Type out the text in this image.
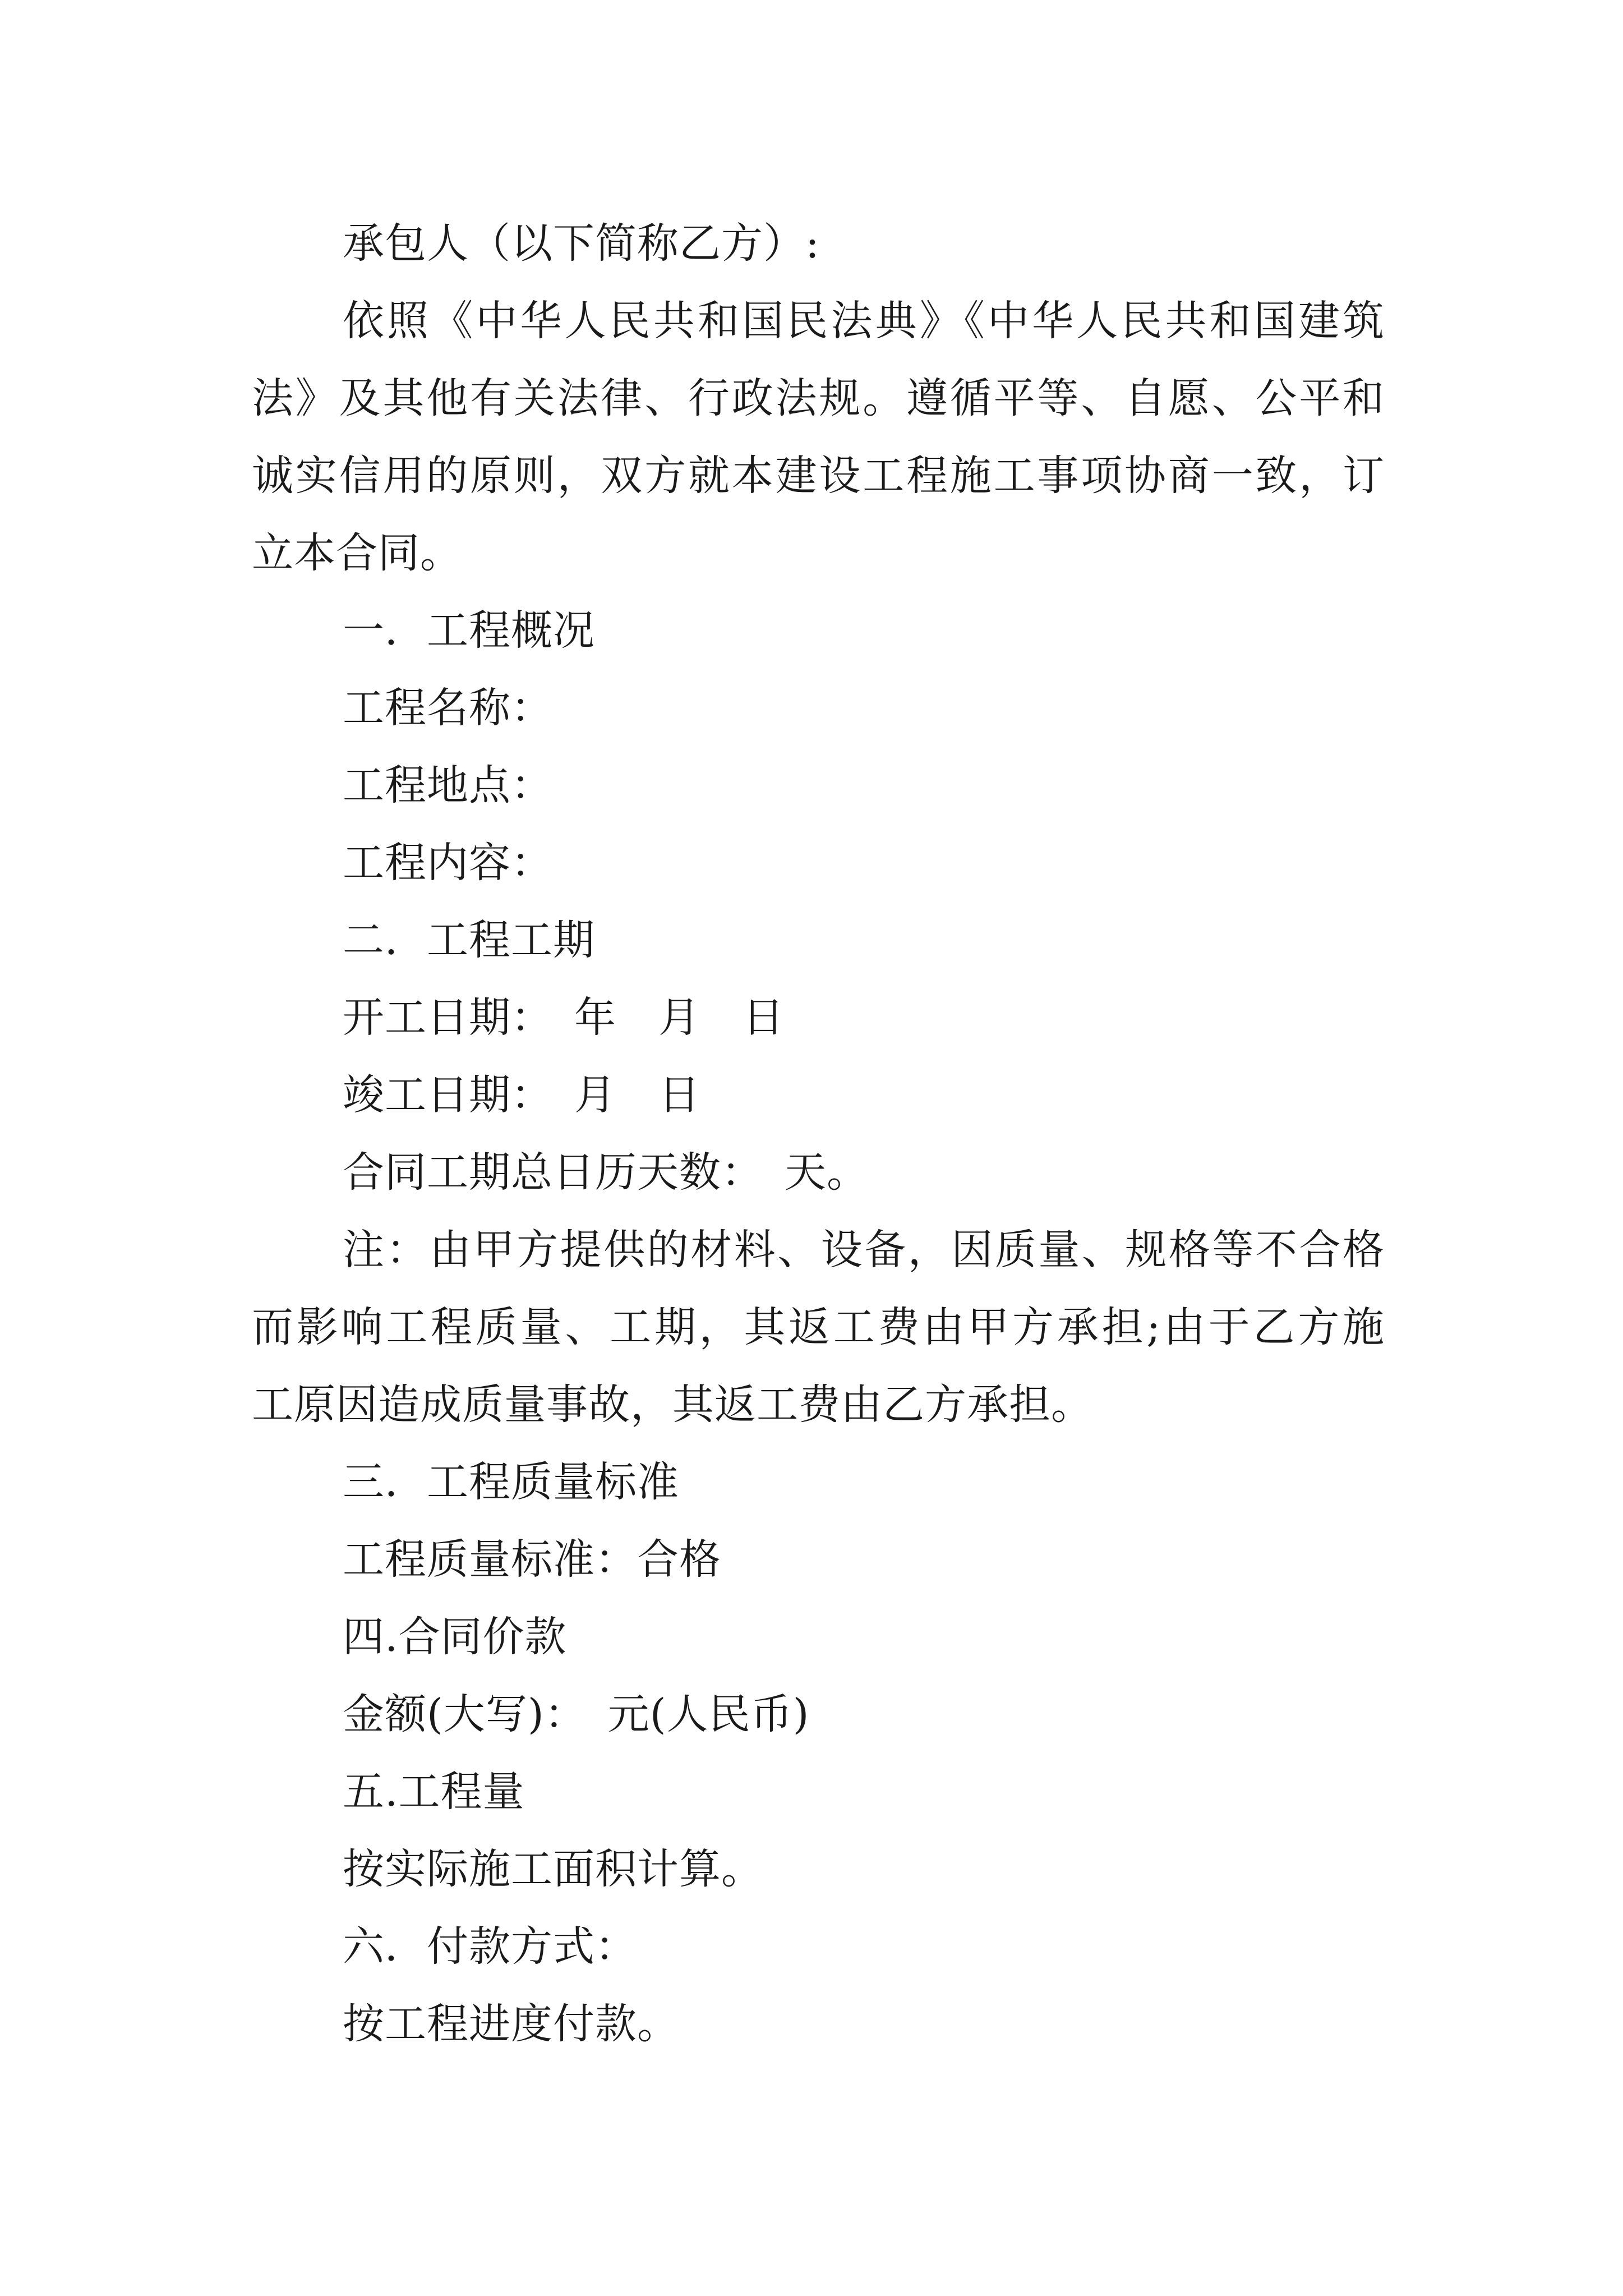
承包人（以下简称乙方）:
依照《中华人民共和国民法典》《中华人民共和国建筑
法》及其他有关法律、行政法规。遵循平等、自愿、公平和
诚实信用的原则，双方就本建设工程施工事项协商一致，订
立本合同。
一．工程概况
工程名称：
工程地点：
工程内容：
二．工程工期
开工日期：　年　月　日
竣工日期：　月　日
合同工期总日历天数：　天。
注：由甲方提供的材料、设备，因质量、规格等不合格
而影响工程质量、工期，其返工费由甲方承担;由于乙方施
工原因造成质量事故，其返工费由乙方承担。
三．工程质量标准
工程质量标准：合格
四.合同价款
金额(大写)：　元(人民币)
五.工程量
按实际施工面积计算。
六．付款方式：
按工程进度付款。
